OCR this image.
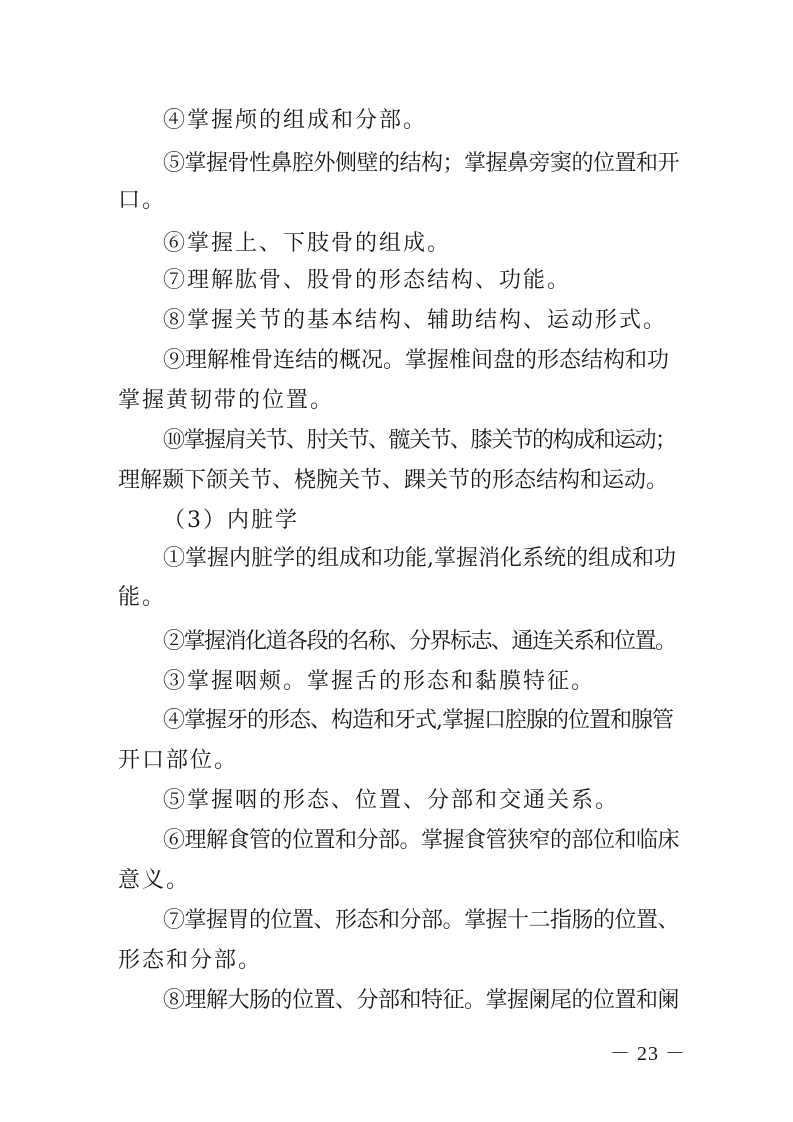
④掌握颅的组成和分部。
⑤掌握骨性鼻腔外侧壁的结构；掌握鼻旁窦的位置和开
口。
⑥掌握上、下肢骨的组成。
⑦理解肱骨、股骨的形态结构、功能。
⑧掌握关节的基本结构、辅助结构、运动形式。
⑨理解椎骨连结的概况。掌握椎间盘的形态结构和功
掌握黄韧带的位置。
⑩掌握肩关节、肘关节、髋关节、膝关节的构成和运动；
理解颞下颌关节、桡腕关节、踝关节的形态结构和运动。
（3）内脏学
①掌握内脏学的组成和功能,掌握消化系统的组成和功
能。
②掌握消化道各段的名称、分界标志、通连关系和位置。
③掌握咽颊。掌握舌的形态和黏膜特征。
④掌握牙的形态、构造和牙式,掌握口腔腺的位置和腺管
开口部位。
⑤掌握咽的形态、位置、分部和交通关系。
⑥理解食管的位置和分部。掌握食管狭窄的部位和临床
意义。
⑦掌握胃的位置、形态和分部。掌握十二指肠的位置、
形态和分部。
⑧理解大肠的位置、分部和特征。掌握阑尾的位置和阑
－ 23 －
